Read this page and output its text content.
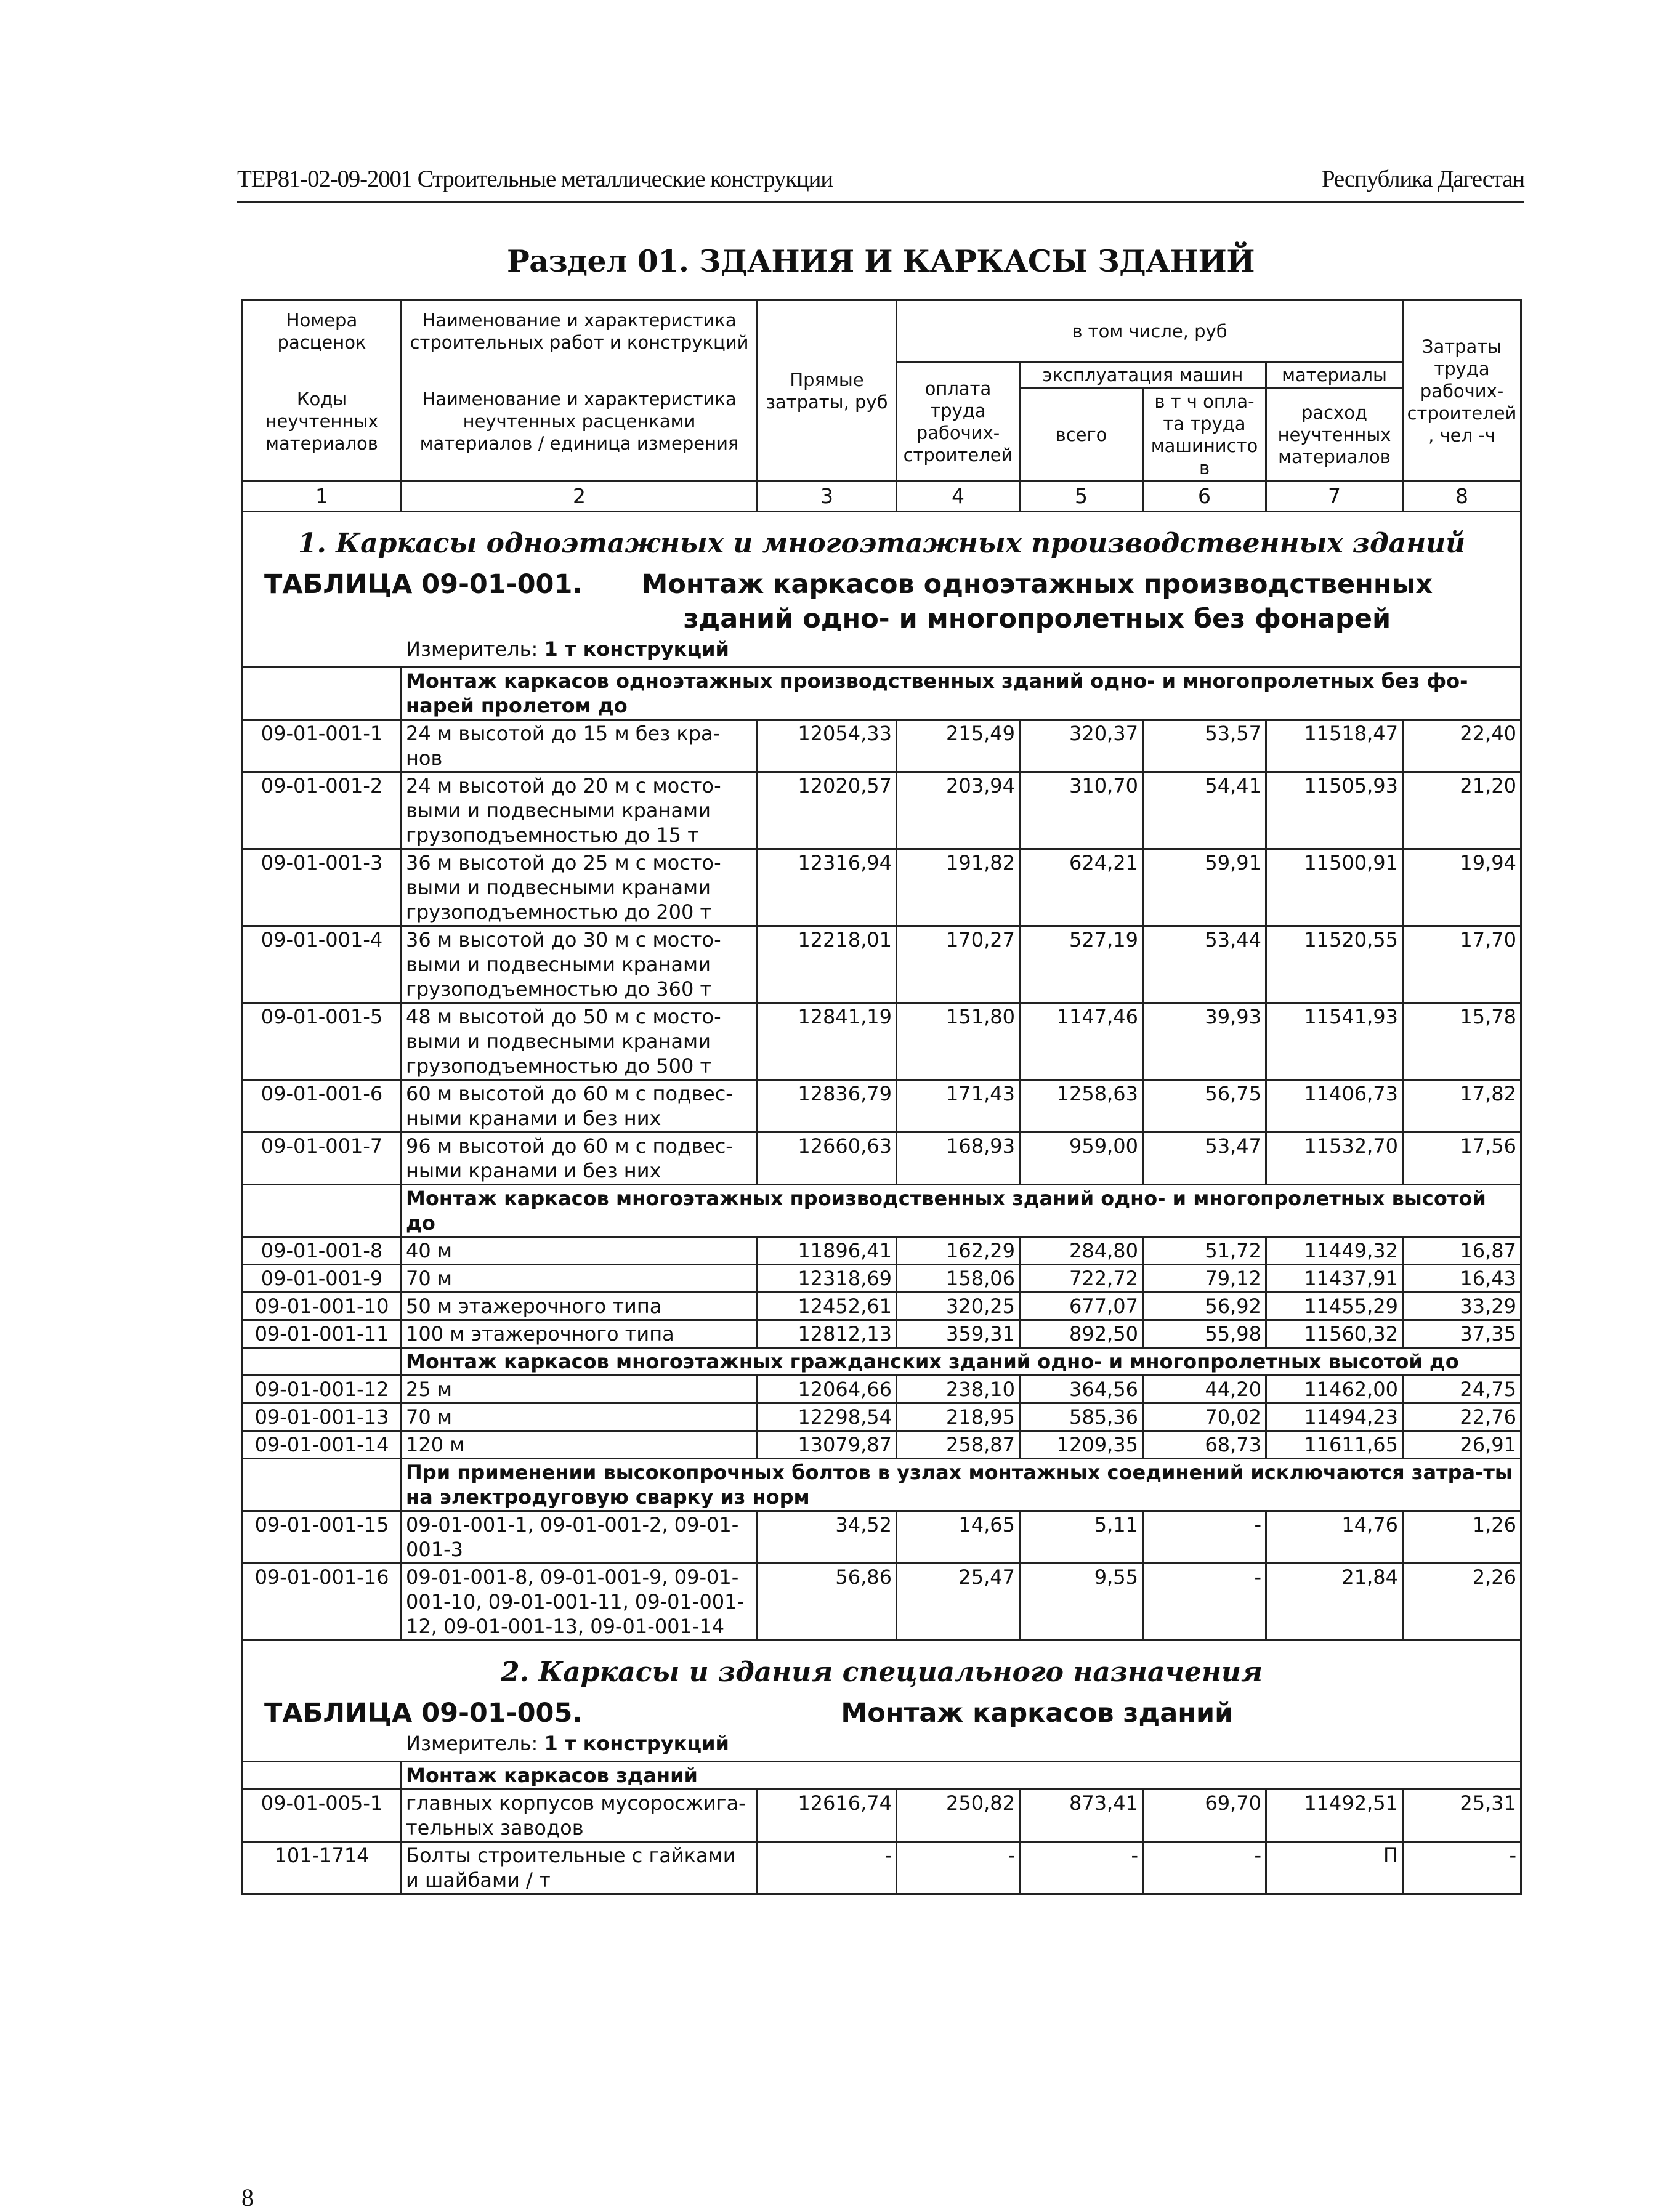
ТЕР81-02-09-2001 Строительные металлические конструкции	Республика Дагестан
Раздел 01. ЗДАНИЯ И КАРКАСЫ ЗДАНИЙ
Номера расценок	Наименование и характеристика строительных работ и конструкций	Прямые затраты, руб	в том числе, руб				Затраты труда рабочих-строителей, чел -ч
Коды неучтенных материалов	Наименование и характеристика неучтенных расценками материалов / единица измерения		оплата труда рабочих-строителей	эксплуатация машин		материалы	
				всего	в т ч опла-та труда машинистов	расход неучтенных материалов	
1	2	3	4	5	6	7	8

1. Каркасы одноэтажных и многоэтажных производственных зданий
ТАБЛИЦА 09-01-001. Монтаж каркасов одноэтажных производственных зданий одно- и многопролетных без фонарей
Измеритель: 1 т конструкций							

	Монтаж каркасов одноэтажных производственных зданий одно- и многопролетных без фо-нарей пролетом до						
09-01-001-1	24 м высотой до 15 м без кра-нов	12054,33	215,49	320,37	53,57	11518,47	22,40
09-01-001-2	24 м высотой до 20 м с мосто-выми и подвесными кранами грузоподъемностью до 15 т	12020,57	203,94	310,70	54,41	11505,93	21,20
09-01-001-3	36 м высотой до 25 м с мосто-выми и подвесными кранами грузоподъемностью до 200 т	12316,94	191,82	624,21	59,91	11500,91	19,94
09-01-001-4	36 м высотой до 30 м с мосто-выми и подвесными кранами грузоподъемностью до 360 т	12218,01	170,27	527,19	53,44	11520,55	17,70
09-01-001-5	48 м высотой до 50 м с мосто-выми и подвесными кранами грузоподъемностью до 500 т	12841,19	151,80	1147,46	39,93	11541,93	15,78
09-01-001-6	60 м высотой до 60 м с подвес-ными кранами и без них	12836,79	171,43	1258,63	56,75	11406,73	17,82
09-01-001-7	96 м высотой до 60 м с подвес-ными кранами и без них	12660,63	168,93	959,00	53,47	11532,70	17,56
	Монтаж каркасов многоэтажных производственных зданий одно- и многопролетных высотой до						
09-01-001-8	40 м	11896,41	162,29	284,80	51,72	11449,32	16,87
09-01-001-9	70 м	12318,69	158,06	722,72	79,12	11437,91	16,43
09-01-001-10	50 м этажерочного типа	12452,61	320,25	677,07	56,92	11455,29	33,29
09-01-001-11	100 м этажерочного типа	12812,13	359,31	892,50	55,98	11560,32	37,35
	Монтаж каркасов многоэтажных гражданских зданий одно- и многопролетных высотой до						
09-01-001-12	25 м	12064,66	238,10	364,56	44,20	11462,00	24,75
09-01-001-13	70 м	12298,54	218,95	585,36	70,02	11494,23	22,76
09-01-001-14	120 м	13079,87	258,87	1209,35	68,73	11611,65	26,91
	При применении высокопрочных болтов в узлах монтажных соединений исключаются затра-ты на электродуговую сварку из норм						
09-01-001-15	09-01-001-1, 09-01-001-2, 09-01-001-3	34,52	14,65	5,11	-	14,76	1,26
09-01-001-16	09-01-001-8, 09-01-001-9, 09-01-001-10, 09-01-001-11, 09-01-001-12, 09-01-001-13, 09-01-001-14	56,86	25,47	9,55	-	21,84	2,26

2. Каркасы и здания специального назначения
ТАБЛИЦА 09-01-005. Монтаж каркасов зданий
Измеритель: 1 т конструкций							

	Монтаж каркасов зданий						
09-01-005-1	главных корпусов мусоросжига-тельных заводов	12616,74	250,82	873,41	69,70	11492,51	25,31
101-1714	Болты строительные с гайками и шайбами / т	-	-	-	-	П	-
8
